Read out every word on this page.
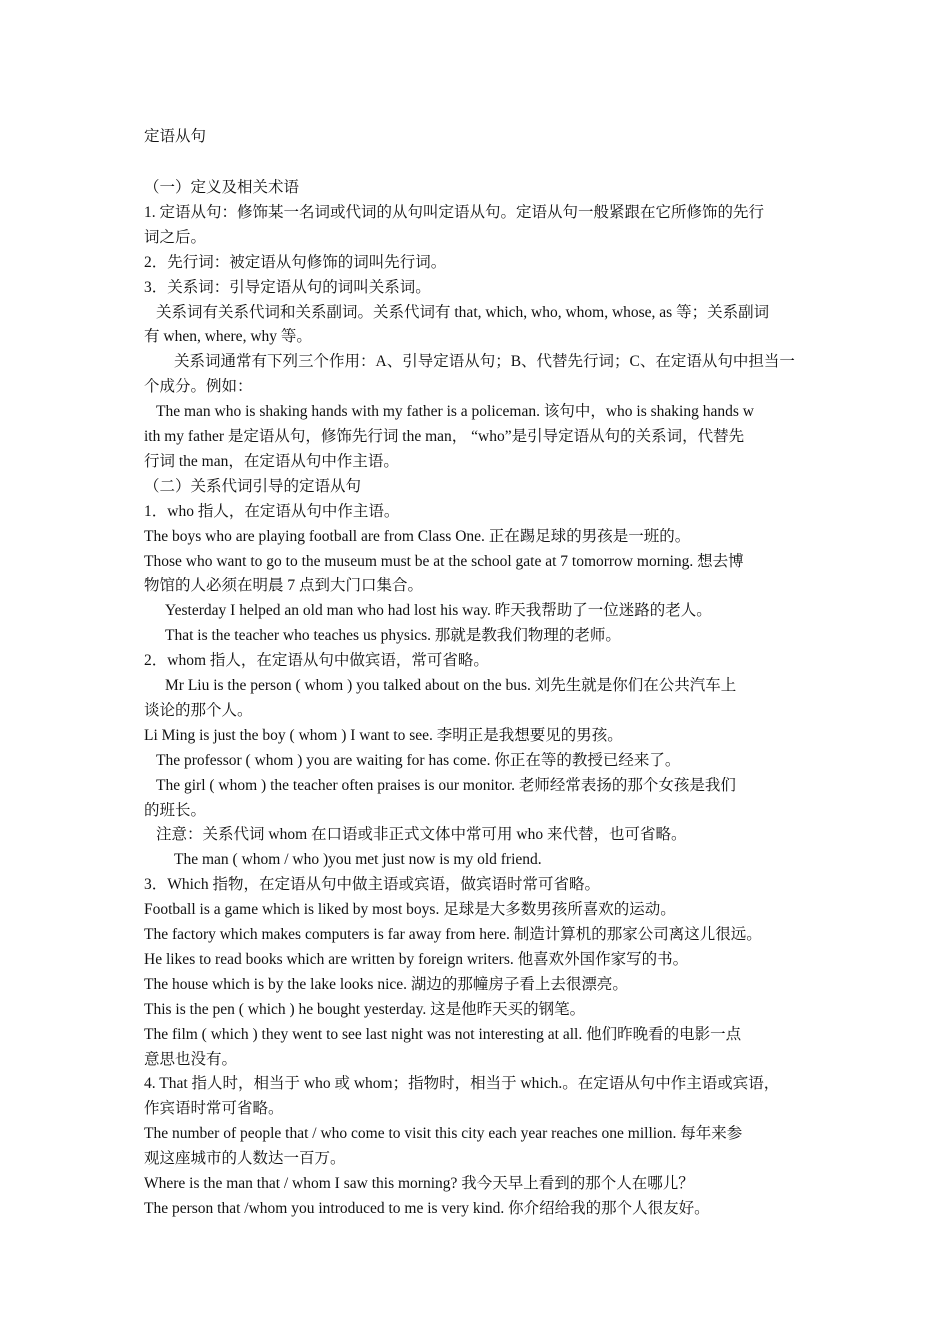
定语从句
（一）定义及相关术语
1. 定语从句：修饰某一名词或代词的从句叫定语从句。定语从句一般紧跟在它所修饰的先行
词之后。
2．先行词：被定语从句修饰的词叫先行词。
3．关系词：引导定语从句的词叫关系词。
关系词有关系代词和关系副词。关系代词有 that, which, who, whom, whose, as 等；关系副词
有 when, where, why 等。
关系词通常有下列三个作用：A、引导定语从句；B、代替先行词；C、在定语从句中担当一
个成分。例如：
The man who is shaking hands with my father is a policeman. 该句中，who is shaking hands w
ith my father 是定语从句，修饰先行词 the man， “who”是引导定语从句的关系词，代替先
行词 the man，在定语从句中作主语。
（二）关系代词引导的定语从句
1．who 指人，在定语从句中作主语。
The boys who are playing football are from Class One. 正在踢足球的男孩是一班的。
Those who want to go to the museum must be at the school gate at 7 tomorrow morning. 想去博
物馆的人必须在明晨 7 点到大门口集合。
Yesterday I helped an old man who had lost his way. 昨天我帮助了一位迷路的老人。
That is the teacher who teaches us physics. 那就是教我们物理的老师。
2．whom 指人，在定语从句中做宾语，常可省略。
Mr Liu is the person ( whom ) you talked about on the bus. 刘先生就是你们在公共汽车上
谈论的那个人。
Li Ming is just the boy ( whom ) I want to see. 李明正是我想要见的男孩。
The professor ( whom ) you are waiting for has come. 你正在等的教授已经来了。
The girl ( whom ) the teacher often praises is our monitor. 老师经常表扬的那个女孩是我们
的班长。
注意：关系代词 whom 在口语或非正式文体中常可用 who 来代替，也可省略。
The man ( whom / who )you met just now is my old friend.
3．Which 指物，在定语从句中做主语或宾语，做宾语时常可省略。
Football is a game which is liked by most boys. 足球是大多数男孩所喜欢的运动。
The factory which makes computers is far away from here. 制造计算机的那家公司离这儿很远。
He likes to read books which are written by foreign writers. 他喜欢外国作家写的书。
The house which is by the lake looks nice. 湖边的那幢房子看上去很漂亮。
This is the pen ( which ) he bought yesterday. 这是他昨天买的钢笔。
The film ( which ) they went to see last night was not interesting at all. 他们昨晚看的电影一点
意思也没有。
4. That 指人时，相当于 who 或 whom；指物时，相当于 which.。在定语从句中作主语或宾语，
作宾语时常可省略。
The number of people that / who come to visit this city each year reaches one million. 每年来参
观这座城市的人数达一百万。
Where is the man that / whom I saw this morning? 我今天早上看到的那个人在哪儿？
The person that /whom you introduced to me is very kind. 你介绍给我的那个人很友好。
